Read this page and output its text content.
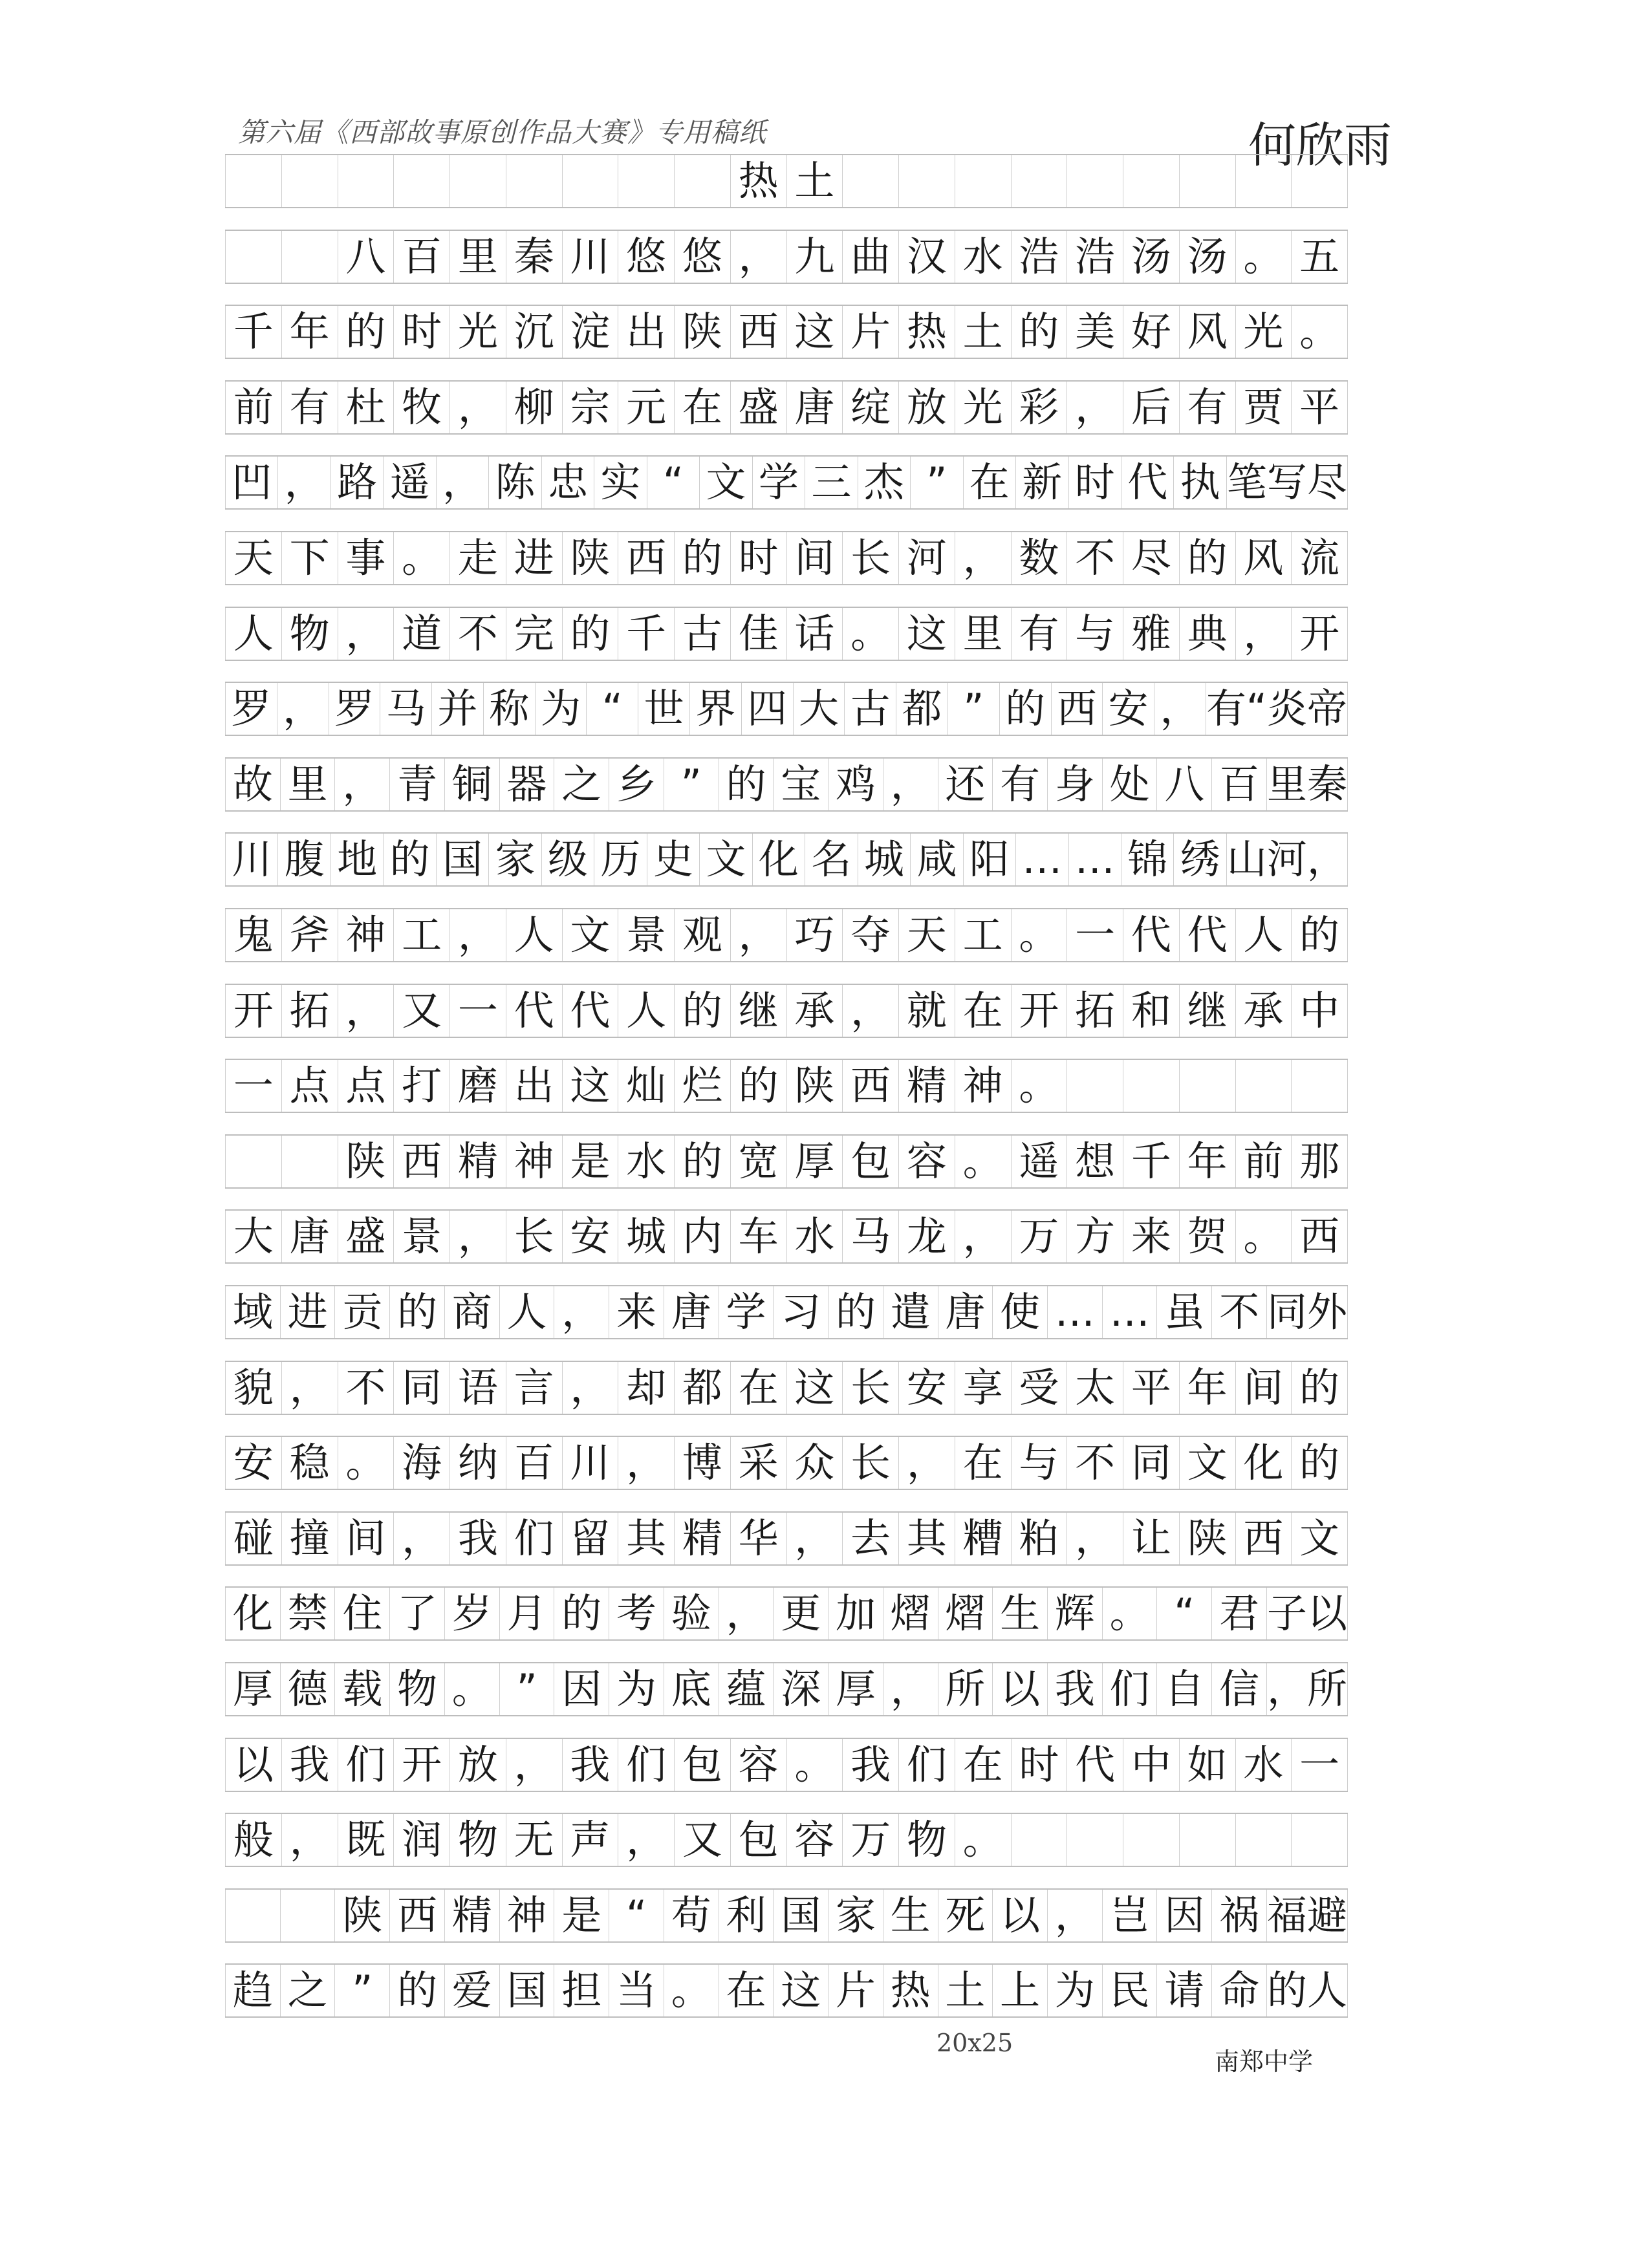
第六届《西部故事原创作品大赛》专用稿纸	何欣雨
热 土
八 百 里 秦 川 悠 悠 ， 九 曲 汉 水 浩 浩 汤 汤 。 五
千 年 的 时 光 沉 淀 出 陕 西 这 片 热 土 的 美 好 风 光 。
前 有 杜 牧 ， 柳 宗 元 在 盛 唐 绽 放 光 彩 ， 后 有 贾 平
凹 ， 路 遥 ， 陈 忠 实 “ 文 学 三 杰 ” 在 新 时 代 执 笔写尽
天 下 事 。 走 进 陕 西 的 时 间 长 河 ， 数 不 尽 的 风 流
人 物 ， 道 不 完 的 千 古 佳 话 。 这 里 有 与 雅 典 ， 开
罗 ， 罗 马 并 称 为 “ 世 界 四 大 古 都 ” 的 西 安 ， 有“炎帝
故 里 ， 青 铜 器 之 乡 ” 的 宝 鸡 ， 还 有 身 处 八 百 里秦
川 腹 地 的 国 家 级 历 史 文 化 名 城 咸 阳 … … 锦 绣 山河，
鬼 斧 神 工 ， 人 文 景 观 ， 巧 夺 天 工 。 一 代 代 人 的
开 拓 ， 又 一 代 代 人 的 继 承 ， 就 在 开 拓 和 继 承 中
一 点 点 打 磨 出 这 灿 烂 的 陕 西 精 神 。
陕 西 精 神 是 水 的 宽 厚 包 容 。 遥 想 千 年 前 那
大 唐 盛 景 ， 长 安 城 内 车 水 马 龙 ， 万 方 来 贺 。 西
域 进 贡 的 商 人 ， 来 唐 学 习 的 遣 唐 使 … … 虽 不 同外
貌 ， 不 同 语 言 ， 却 都 在 这 长 安 享 受 太 平 年 间 的
安 稳 。 海 纳 百 川 ， 博 采 众 长 ， 在 与 不 同 文 化 的
碰 撞 间 ， 我 们 留 其 精 华 ， 去 其 糟 粕 ， 让 陕 西 文
化 禁 住 了 岁 月 的 考 验 ， 更 加 熠 熠 生 辉 。 “ 君 子以
厚 德 载 物 。 ” 因 为 底 蕴 深 厚 ， 所 以 我 们 自 信 ，所
以 我 们 开 放 ， 我 们 包 容 。 我 们 在 时 代 中 如 水 一
般 ， 既 润 物 无 声 ， 又 包 容 万 物 。
陕 西 精 神 是 “ 苟 利 国 家 生 死 以 ， 岂 因 祸 福避
趋 之 ” 的 爱 国 担 当 。 在 这 片 热 土 上 为 民 请 命 的人
20x25
南郑中学
